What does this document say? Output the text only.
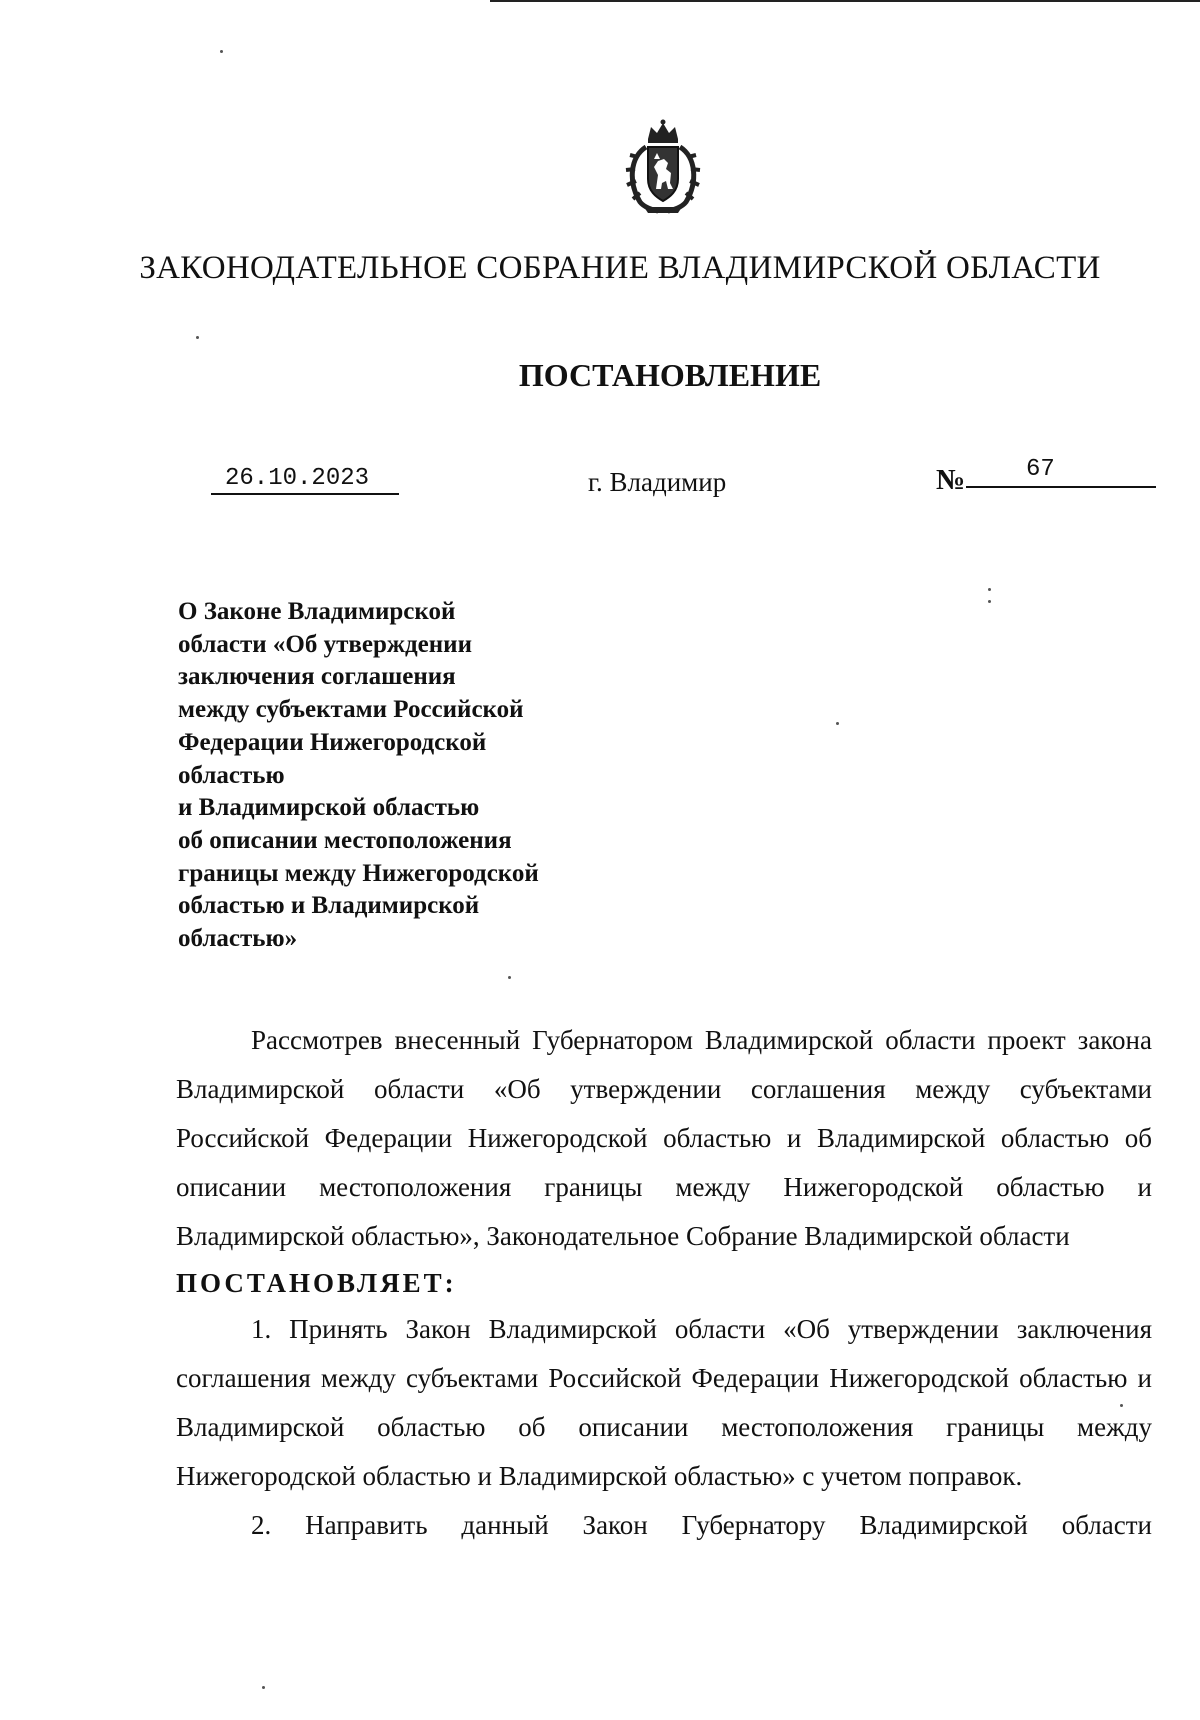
ЗАКОНОДАТЕЛЬНОЕ СОБРАНИЕ ВЛАДИМИРСКОЙ ОБЛАСТИ
ПОСТАНОВЛЕНИЕ
26.10.2023	г. Владимир	№	67
О Законе Владимирской
области «Об утверждении
заключения соглашения
между субъектами Российской
Федерации Нижегородской
областью
и Владимирской областью
об описании местоположения
границы между Нижегородской
областью и Владимирской
областью»

Рассмотрев внесенный Губернатором Владимирской области проект закона Владимирской области «Об утверждении соглашения между субъектами Российской Федерации Нижегородской областью и Владимирской областью об описании местоположения границы между Нижегородской областью и Владимирской областью», Законодательное Собрание Владимирской области

ПОСТАНОВЛЯЕТ:

1. Принять Закон Владимирской области «Об утверждении заключения соглашения между субъектами Российской Федерации Нижегородской областью и Владимирской областью об описании местоположения границы между Нижегородской областью и Владимирской областью» с учетом поправок.

2. Направить данный Закон Губернатору Владимирской области
